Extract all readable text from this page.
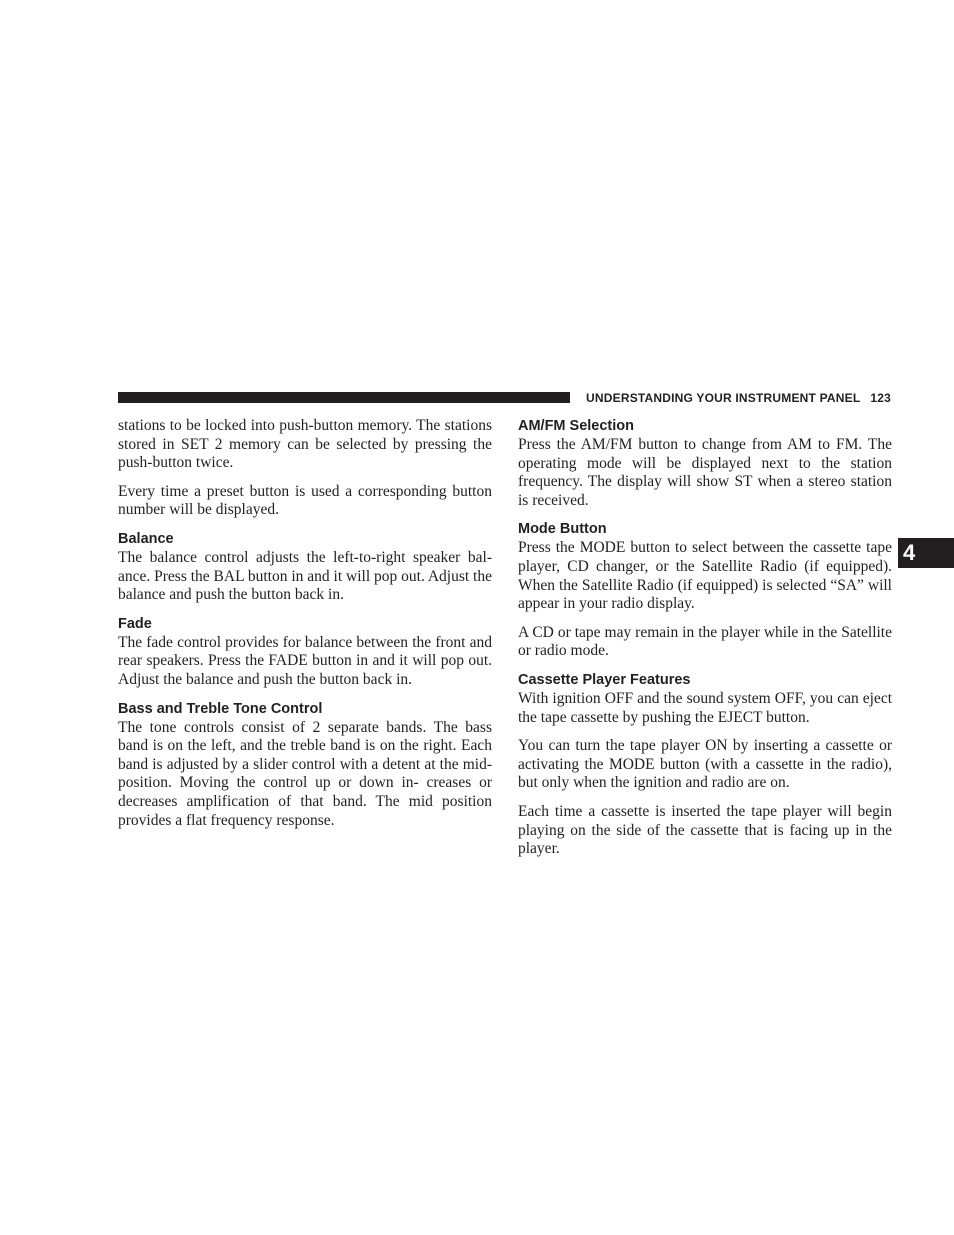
UNDERSTANDING YOUR INSTRUMENT PANEL 123
4

stations to be locked into push-button memory. The stations stored in SET 2 memory can be selected by pressing the push-button twice.

Every time a preset button is used a corresponding button number will be displayed.

Balance

The balance control adjusts the left-to-right speaker bal- ance. Press the BAL button in and it will pop out. Adjust the balance and push the button back in.

Fade

The fade control provides for balance between the front and rear speakers. Press the FADE button in and it will pop out. Adjust the balance and push the button back in.

Bass and Treble Tone Control

The tone controls consist of 2 separate bands. The bass band is on the left, and the treble band is on the right. Each band is adjusted by a slider control with a detent at the mid-position. Moving the control up or down in- creases or decreases amplification of that band. The mid position provides a flat frequency response.

AM/FM Selection

Press the AM/FM button to change from AM to FM. The operating mode will be displayed next to the station frequency. The display will show ST when a stereo station is received.

Mode Button

Press the MODE button to select between the cassette tape player, CD changer, or the Satellite Radio (if equipped). When the Satellite Radio (if equipped) is selected “SA” will appear in your radio display.

A CD or tape may remain in the player while in the Satellite or radio mode.

Cassette Player Features

With ignition OFF and the sound system OFF, you can eject the tape cassette by pushing the EJECT button.

You can turn the tape player ON by inserting a cassette or activating the MODE button (with a cassette in the radio), but only when the ignition and radio are on.

Each time a cassette is inserted the tape player will begin playing on the side of the cassette that is facing up in the player.
